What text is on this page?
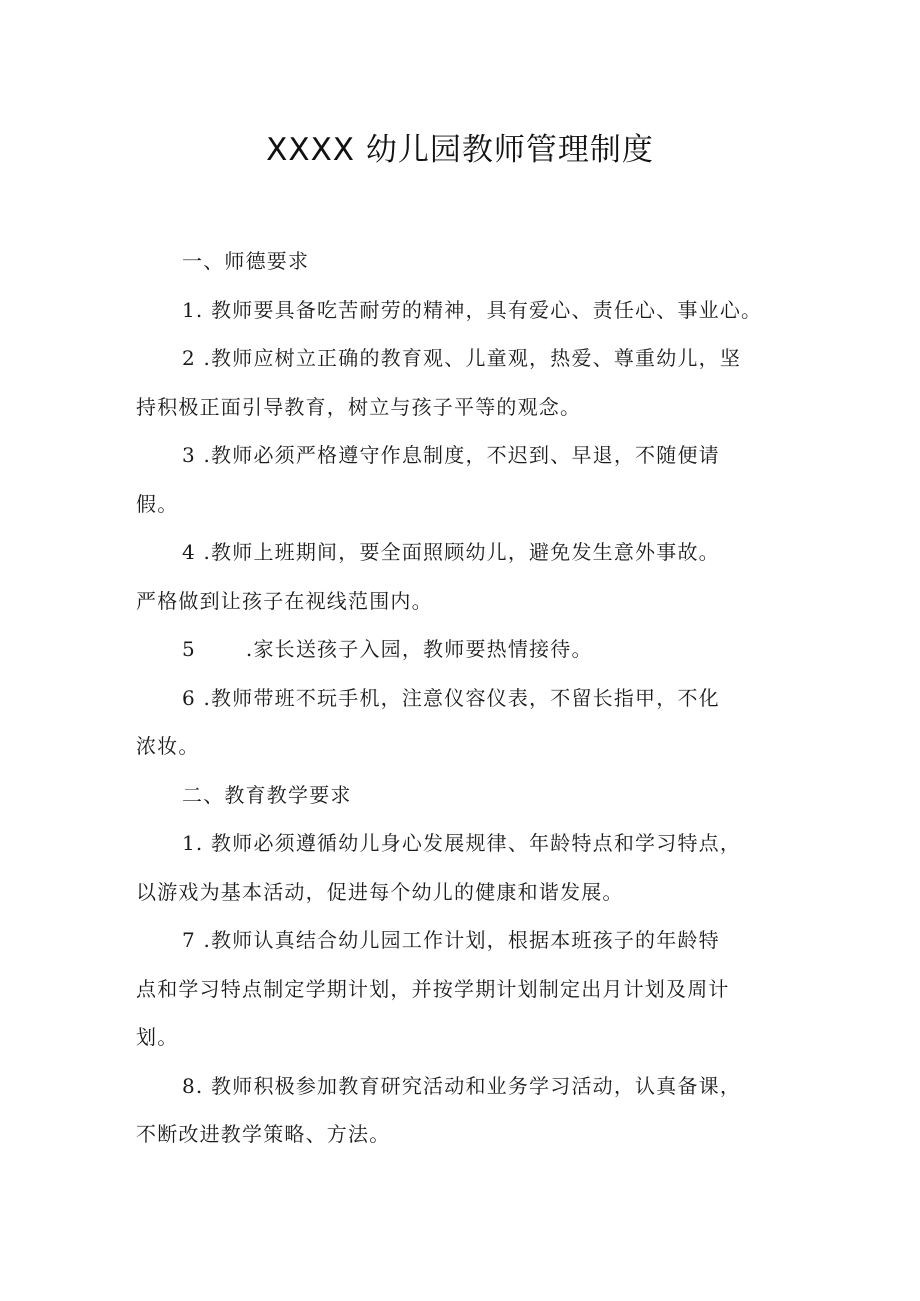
XXXX 幼儿园教师管理制度
一、师德要求
1. 教师要具备吃苦耐劳的精神，具有爱心、责任心、事业心。
2 .教师应树立正确的教育观、儿童观，热爱、尊重幼儿，坚
持积极正面引导教育，树立与孩子平等的观念。
3 .教师必须严格遵守作息制度，不迟到、早退，不随便请
假。
4 .教师上班期间，要全面照顾幼儿，避免发生意外事故。
严格做到让孩子在视线范围内。
5 　　.家长送孩子入园，教师要热情接待。
6 .教师带班不玩手机，注意仪容仪表，不留长指甲，不化
浓妆。
二、教育教学要求
1. 教师必须遵循幼儿身心发展规律、年龄特点和学习特点，
以游戏为基本活动，促进每个幼儿的健康和谐发展。
7 .教师认真结合幼儿园工作计划，根据本班孩子的年龄特
点和学习特点制定学期计划，并按学期计划制定出月计划及周计
划。
8. 教师积极参加教育研究活动和业务学习活动，认真备课，
不断改进教学策略、方法。
